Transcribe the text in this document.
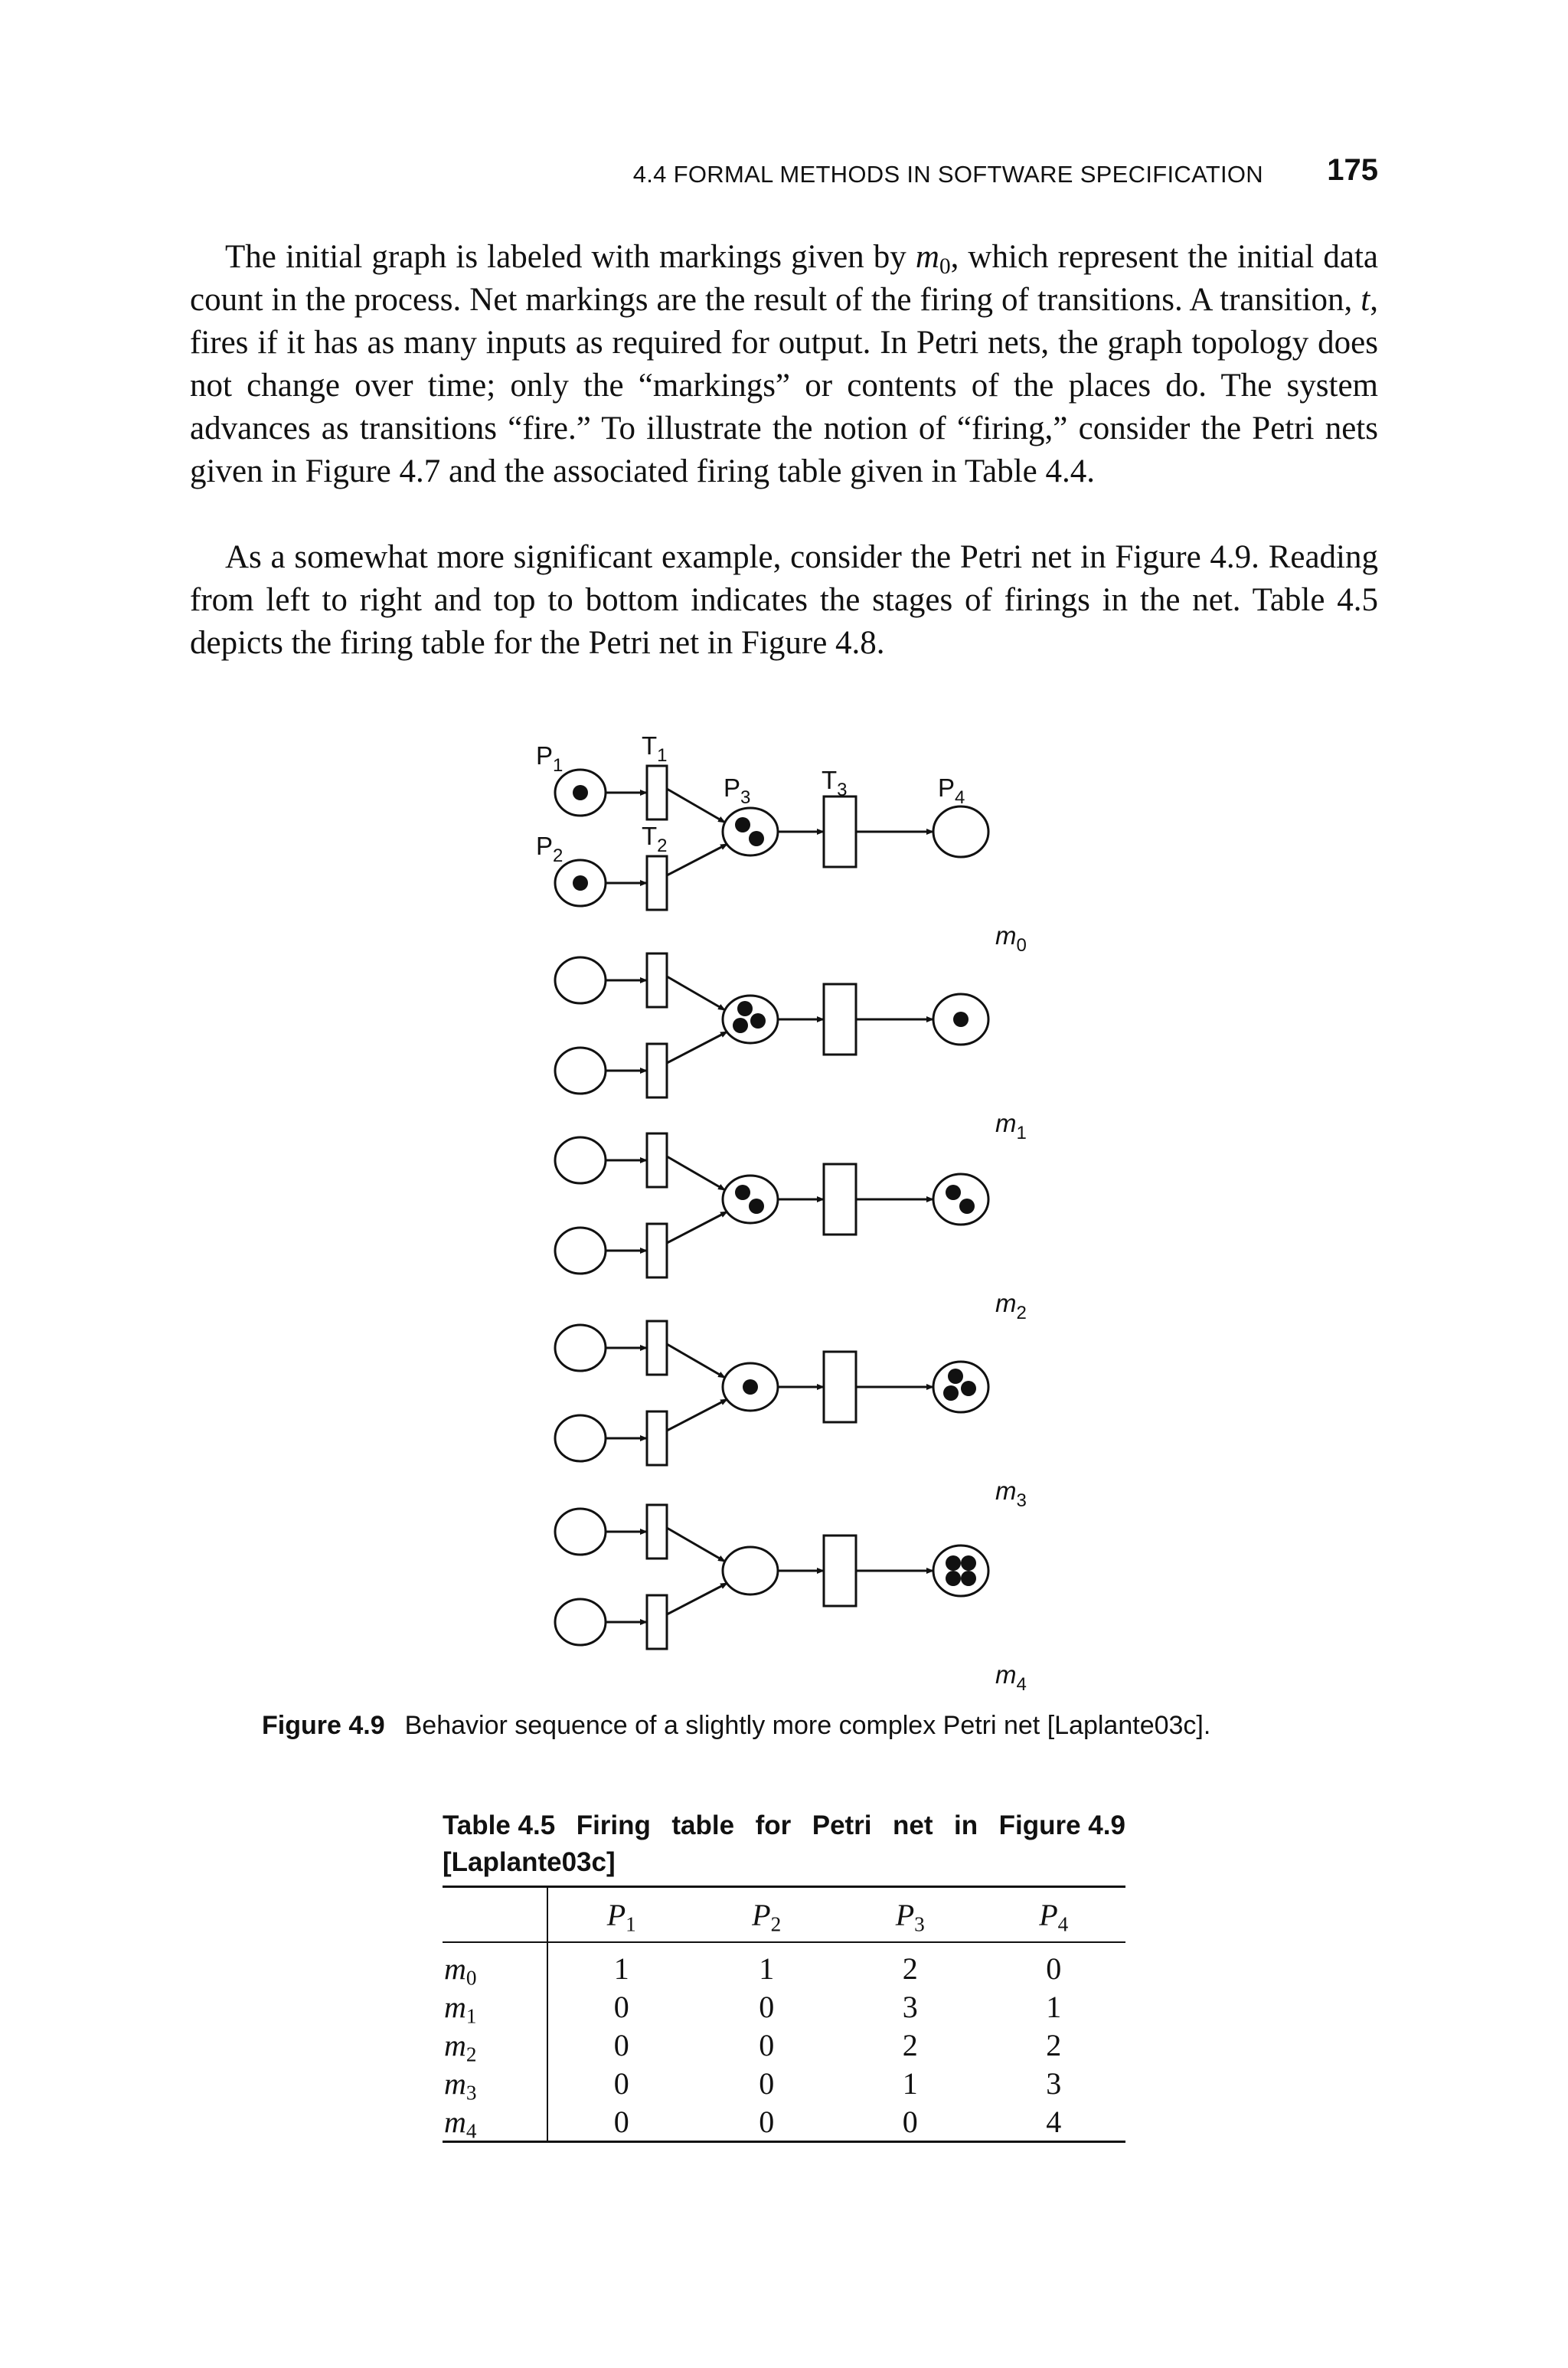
4.4 FORMAL METHODS IN SOFTWARE SPECIFICATION 175

The initial graph is labeled with markings given by $m_0$, which represent the initial data count in the process. Net markings are the result of the firing of transitions. A transition, t, fires if it has as many inputs as required for output. In Petri nets, the graph topology does not change over time; only the “markings” or contents of the places do. The system advances as transitions “fire.” To illustrate the notion of “firing,” consider the Petri nets given in Figure 4.7 and the associated firing table given in Table 4.4.

As a somewhat more significant example, consider the Petri net in Figure 4.9. Reading from left to right and top to bottom indicates the stages of firings in the net. Table 4.5 depicts the firing table for the Petri net in Figure 4.8.

$m_0$
$m_1$
$m_2$
$m_3$
$m_4$
$P_1$
$P_2$
$P_3$	$P_4$
$T_1$
$T_2$
$T_3$
Figure 4.9 Behavior sequence of a slightly more complex Petri net [Laplante03c].
Table 4.5 Firing table for Petri net in Figure 4.9
[Laplante03c]
	$P_1$	$P_2$	$P_3$	$P_4$
$m_0$	1	1	2	0
$m_1$	0	0	3	1
$m_2$	0	0	2	2
$m_3$	0	0	1	3
$m_4$	0	0	0	4
